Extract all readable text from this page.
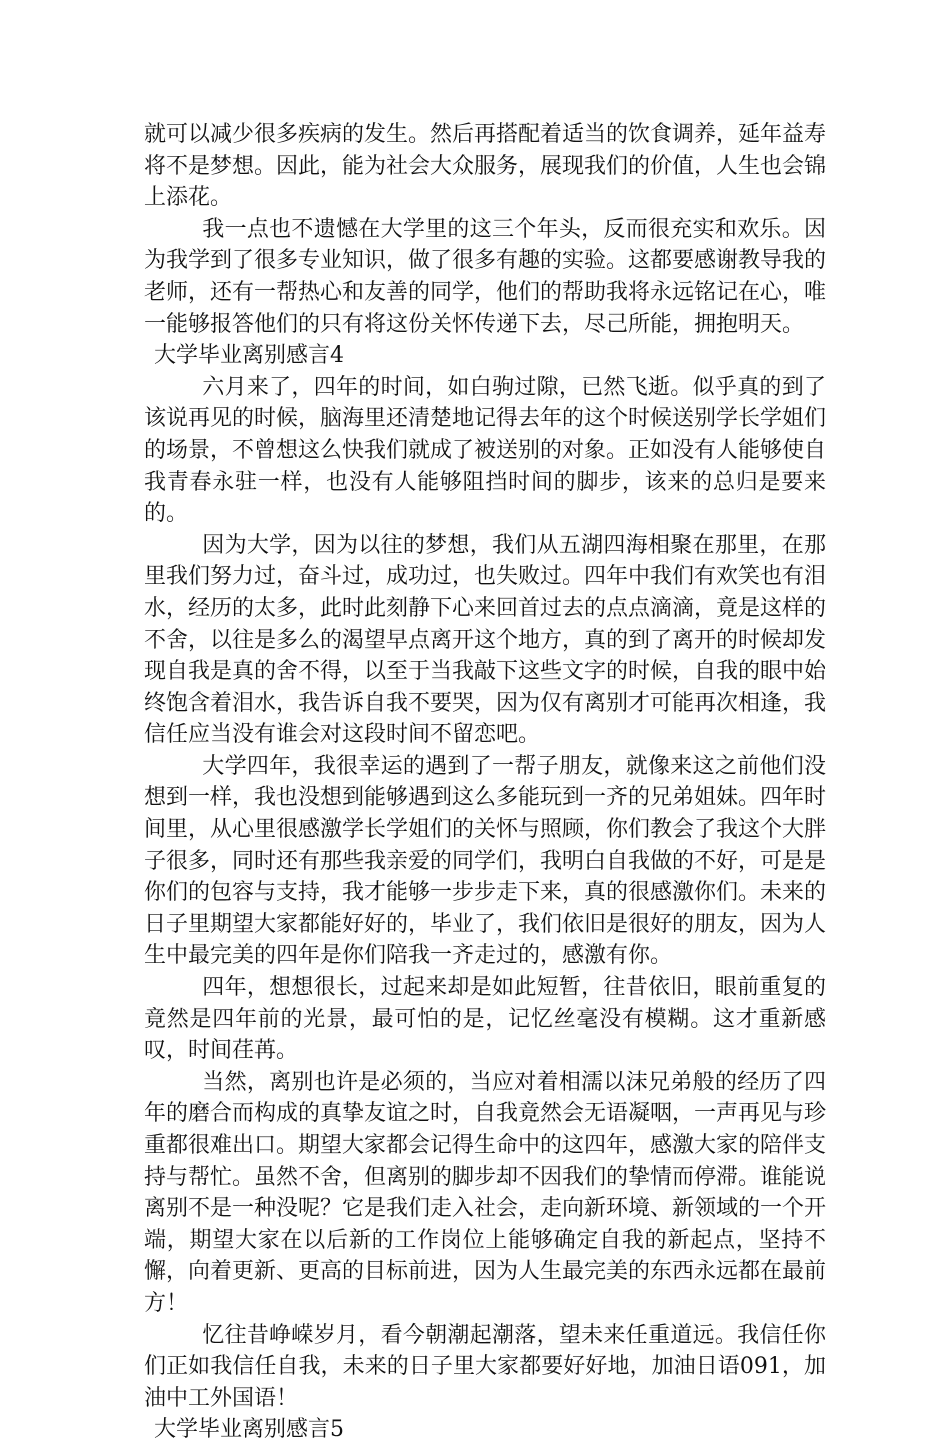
就可以减少很多疾病的发生。然后再搭配着适当的饮食调养，延年益寿将不是梦想。因此，能为社会大众服务，展现我们的价值，人生也会锦上添花。

我一点也不遗憾在大学里的这三个年头，反而很充实和欢乐。因为我学到了很多专业知识，做了很多有趣的实验。这都要感谢教导我的老师，还有一帮热心和友善的同学，他们的帮助我将永远铭记在心，唯一能够报答他们的只有将这份关怀传递下去，尽己所能，拥抱明天。

大学毕业离别感言4

六月来了，四年的时间，如白驹过隙，已然飞逝。似乎真的到了该说再见的时候，脑海里还清楚地记得去年的这个时候送别学长学姐们的场景，不曾想这么快我们就成了被送别的对象。正如没有人能够使自我青春永驻一样，也没有人能够阻挡时间的脚步，该来的总归是要来的。

因为大学，因为以往的梦想，我们从五湖四海相聚在那里，在那里我们努力过，奋斗过，成功过，也失败过。四年中我们有欢笑也有泪水，经历的太多，此时此刻静下心来回首过去的点点滴滴，竟是这样的不舍，以往是多么的渴望早点离开这个地方，真的到了离开的时候却发现自我是真的舍不得，以至于当我敲下这些文字的时候，自我的眼中始终饱含着泪水，我告诉自我不要哭，因为仅有离别才可能再次相逢，我信任应当没有谁会对这段时间不留恋吧。

大学四年，我很幸运的遇到了一帮子朋友，就像来这之前他们没想到一样，我也没想到能够遇到这么多能玩到一齐的兄弟姐妹。四年时间里，从心里很感激学长学姐们的关怀与照顾，你们教会了我这个大胖子很多，同时还有那些我亲爱的同学们，我明白自我做的不好，可是是你们的包容与支持，我才能够一步步走下来，真的很感激你们。未来的日子里期望大家都能好好的，毕业了，我们依旧是很好的朋友，因为人生中最完美的四年是你们陪我一齐走过的，感激有你。

四年，想想很长，过起来却是如此短暂，往昔依旧，眼前重复的竟然是四年前的光景，最可怕的是，记忆丝毫没有模糊。这才重新感叹，时间荏苒。

当然，离别也许是必须的，当应对着相濡以沫兄弟般的经历了四年的磨合而构成的真挚友谊之时，自我竟然会无语凝咽，一声再见与珍重都很难出口。期望大家都会记得生命中的这四年，感激大家的陪伴支持与帮忙。虽然不舍，但离别的脚步却不因我们的挚情而停滞。谁能说离别不是一种没呢？它是我们走入社会，走向新环境、新领域的一个开端，期望大家在以后新的工作岗位上能够确定自我的新起点，坚持不懈，向着更新、更高的目标前进，因为人生最完美的东西永远都在最前方！

忆往昔峥嵘岁月，看今朝潮起潮落，望未来任重道远。我信任你们正如我信任自我，未来的日子里大家都要好好地，加油日语091，加油中工外国语！

大学毕业离别感言5
